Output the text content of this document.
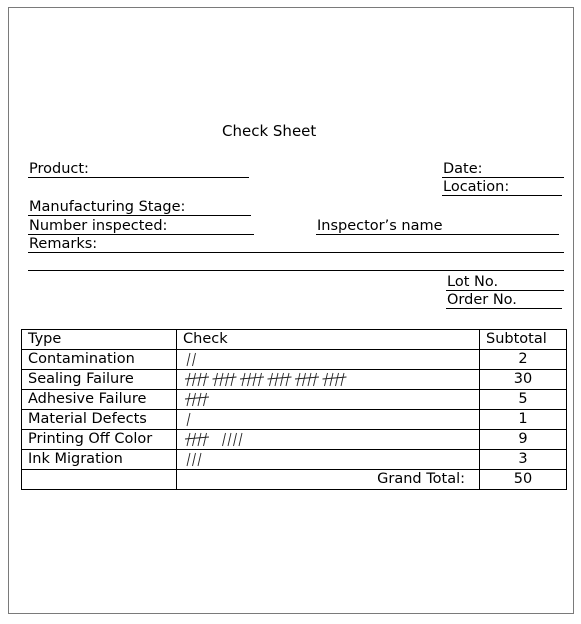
Check Sheet
Product:	Date:
Location:
Manufacturing Stage:
Number inspected:	Inspector’s name
Remarks:
Lot No.
Order No.
Type	Check	Subtotal
Contamination		2
Sealing Failure		30
Adhesive Failure		5
Material Defects		1
Printing Off Color		9
Ink Migration		3
	Grand Total:	50
